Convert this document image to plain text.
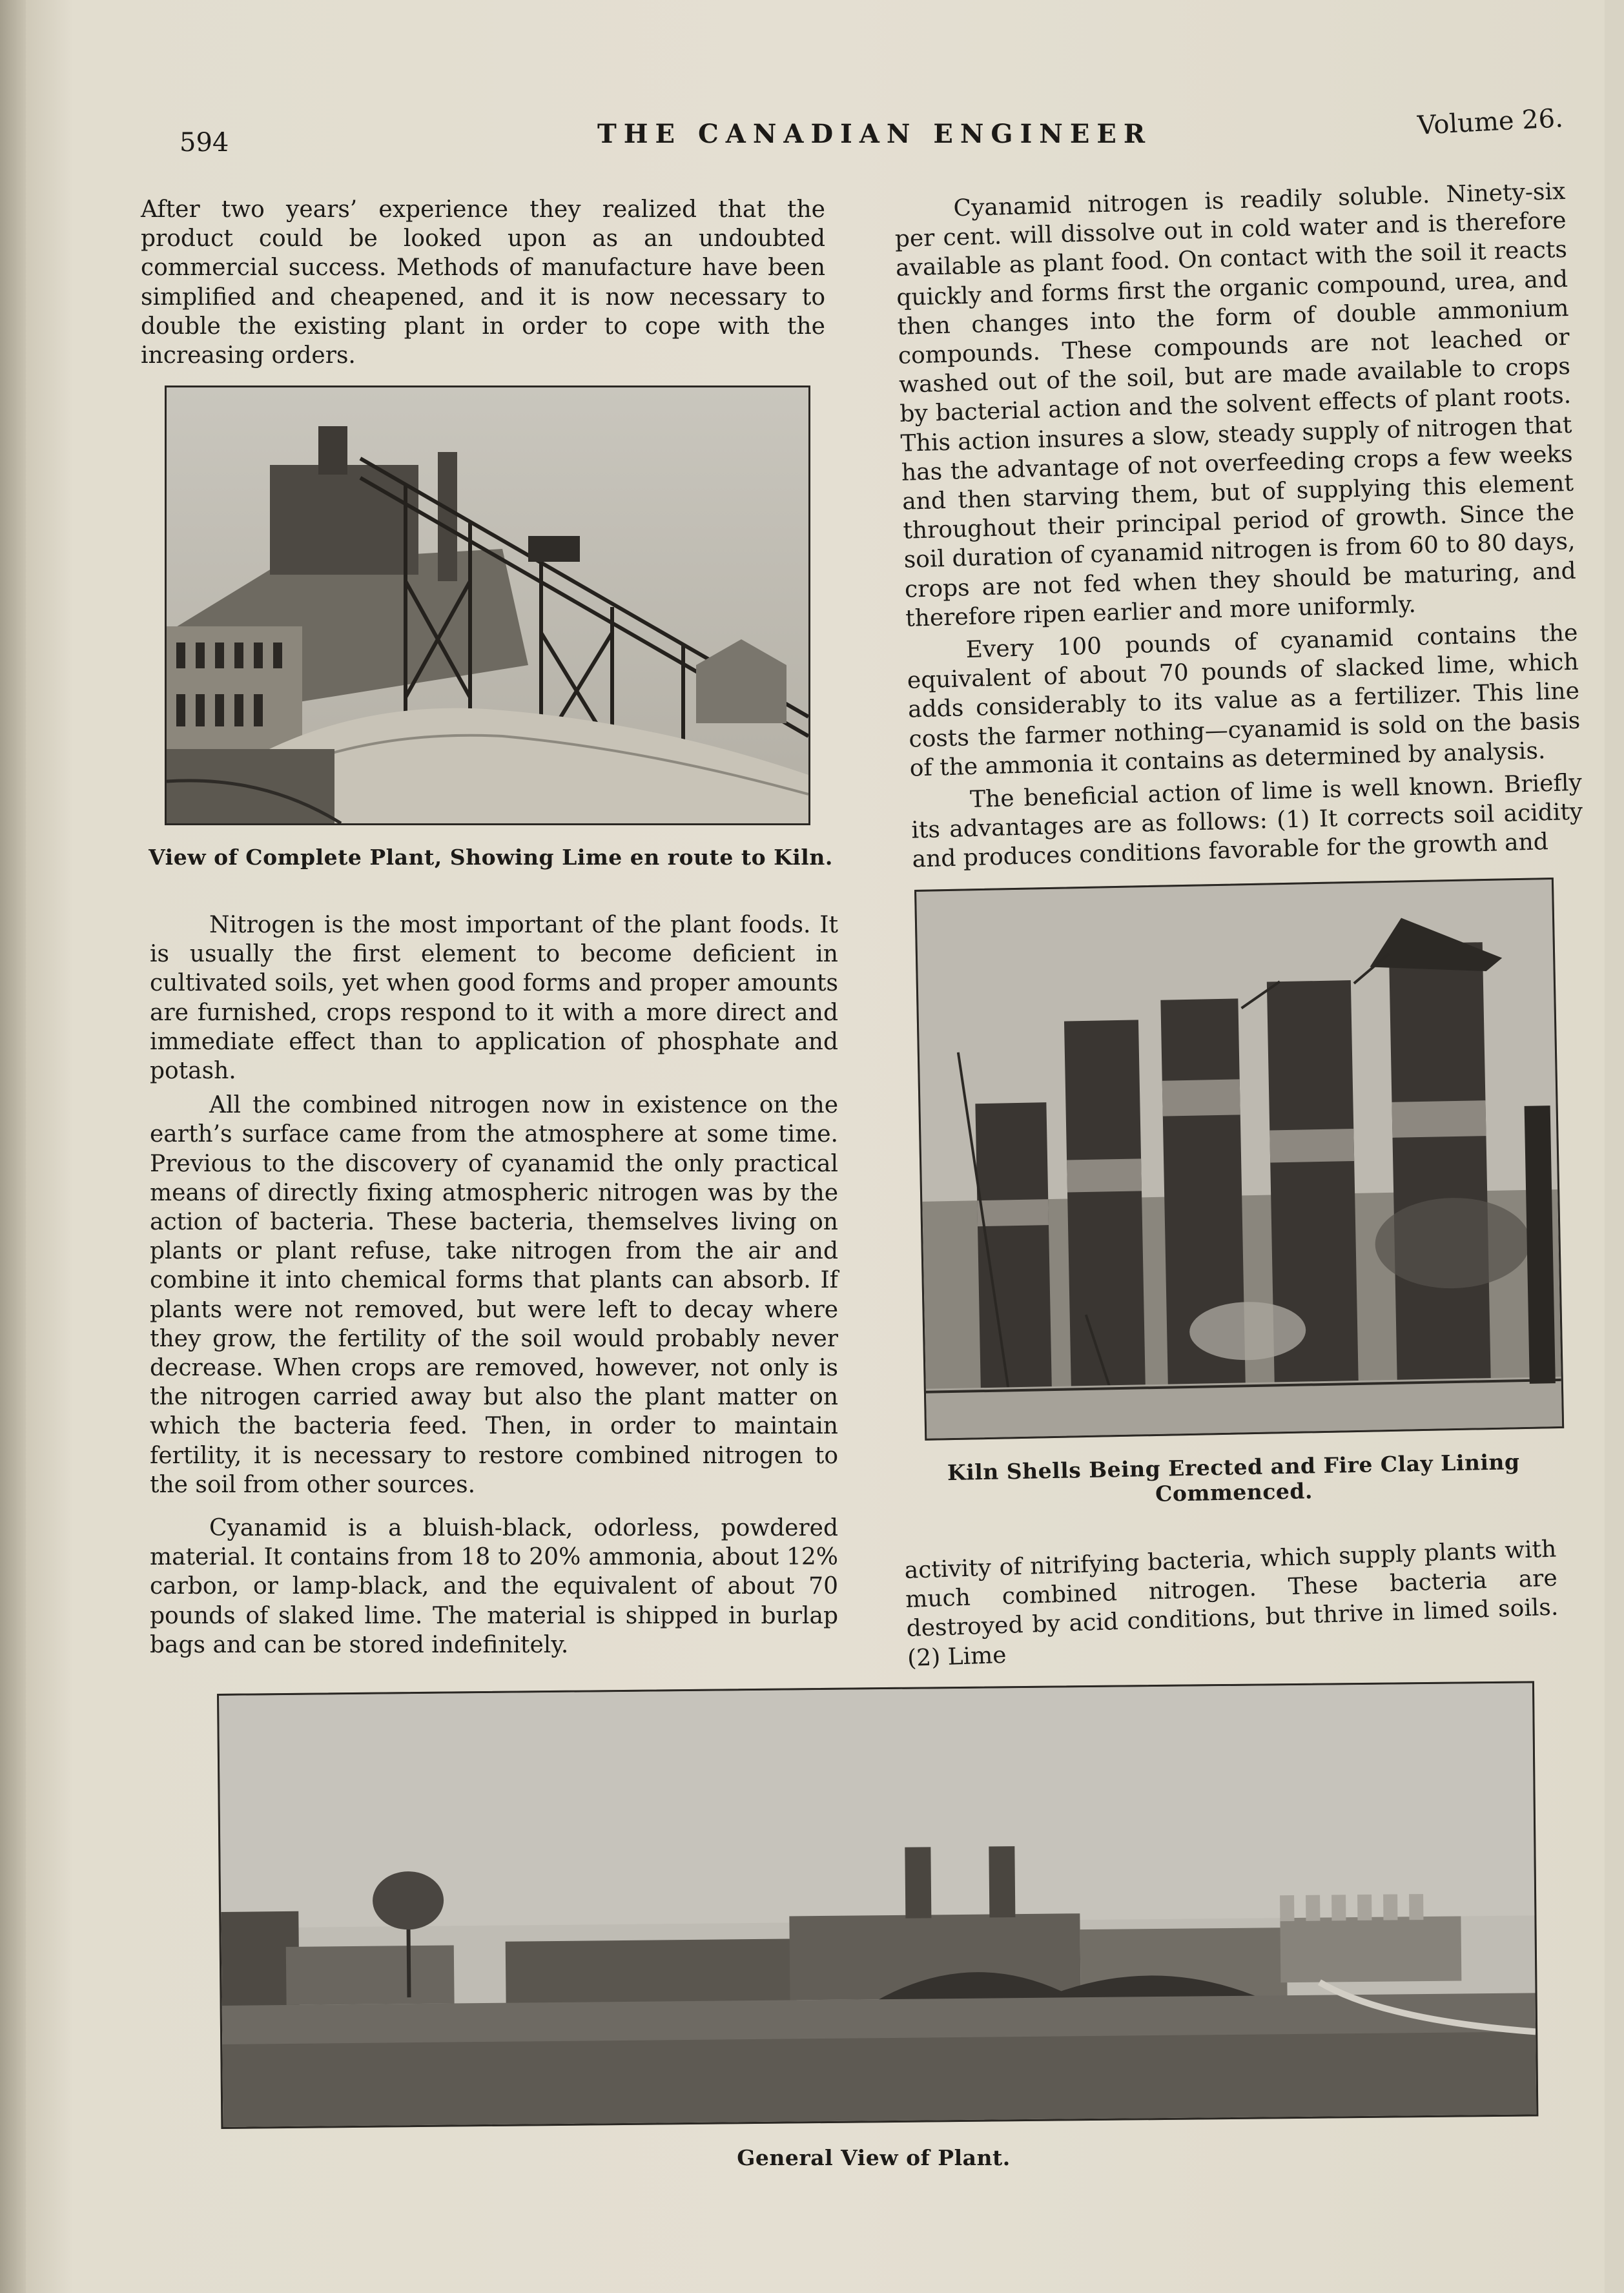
594	THE CANADIAN ENGINEER	Volume 26.

After two years’ experience they realized that the product could be looked upon as an undoubted commercial success. Methods of manufacture have been simplified and cheapened, and it is now necessary to double the existing plant in order to cope with the increasing orders.

View of Complete Plant, Showing Lime en route to Kiln.

Nitrogen is the most important of the plant foods. It is usually the first element to become deficient in cultivated soils, yet when good forms and proper amounts are furnished, crops respond to it with a more direct and immediate effect than to application of phosphate and potash.

All the combined nitrogen now in existence on the earth’s surface came from the atmosphere at some time. Previous to the discovery of cyanamid the only practical means of directly fixing atmospheric nitrogen was by the action of bacteria. These bacteria, themselves living on plants or plant refuse, take nitrogen from the air and combine it into chemical forms that plants can absorb. If plants were not removed, but were left to decay where they grow, the fertility of the soil would probably never decrease. When crops are removed, however, not only is the nitrogen carried away but also the plant matter on which the bacteria feed. Then, in order to maintain fertility, it is necessary to restore combined nitrogen to the soil from other sources.

Cyanamid is a bluish-black, odorless, powdered material. It contains from 18 to 20% ammonia, about 12% carbon, or lamp-black, and the equivalent of about 70 pounds of slaked lime. The material is shipped in burlap bags and can be stored indefinitely.

Cyanamid nitrogen is readily soluble. Ninety-six per cent. will dissolve out in cold water and is therefore available as plant food. On contact with the soil it reacts quickly and forms first the organic compound, urea, and then changes into the form of double ammonium compounds. These compounds are not leached or washed out of the soil, but are made available to crops by bacterial action and the solvent effects of plant roots. This action insures a slow, steady supply of nitrogen that has the advantage of not overfeeding crops a few weeks and then starving them, but of supplying this element throughout their principal period of growth. Since the soil duration of cyanamid nitrogen is from 60 to 80 days, crops are not fed when they should be maturing, and therefore ripen earlier and more uniformly.

Every 100 pounds of cyanamid contains the equivalent of about 70 pounds of slacked lime, which adds considerably to its value as a fertilizer. This line costs the farmer nothing—cyanamid is sold on the basis of the ammonia it contains as determined by analysis.

The beneficial action of lime is well known. Briefly its advantages are as follows: (1) It corrects soil acidity and produces conditions favorable for the growth and

Kiln Shells Being Erected and Fire Clay Lining Commenced.

activity of nitrifying bacteria, which supply plants with much combined nitrogen. These bacteria are destroyed by acid conditions, but thrive in limed soils. (2) Lime

General View of Plant.
